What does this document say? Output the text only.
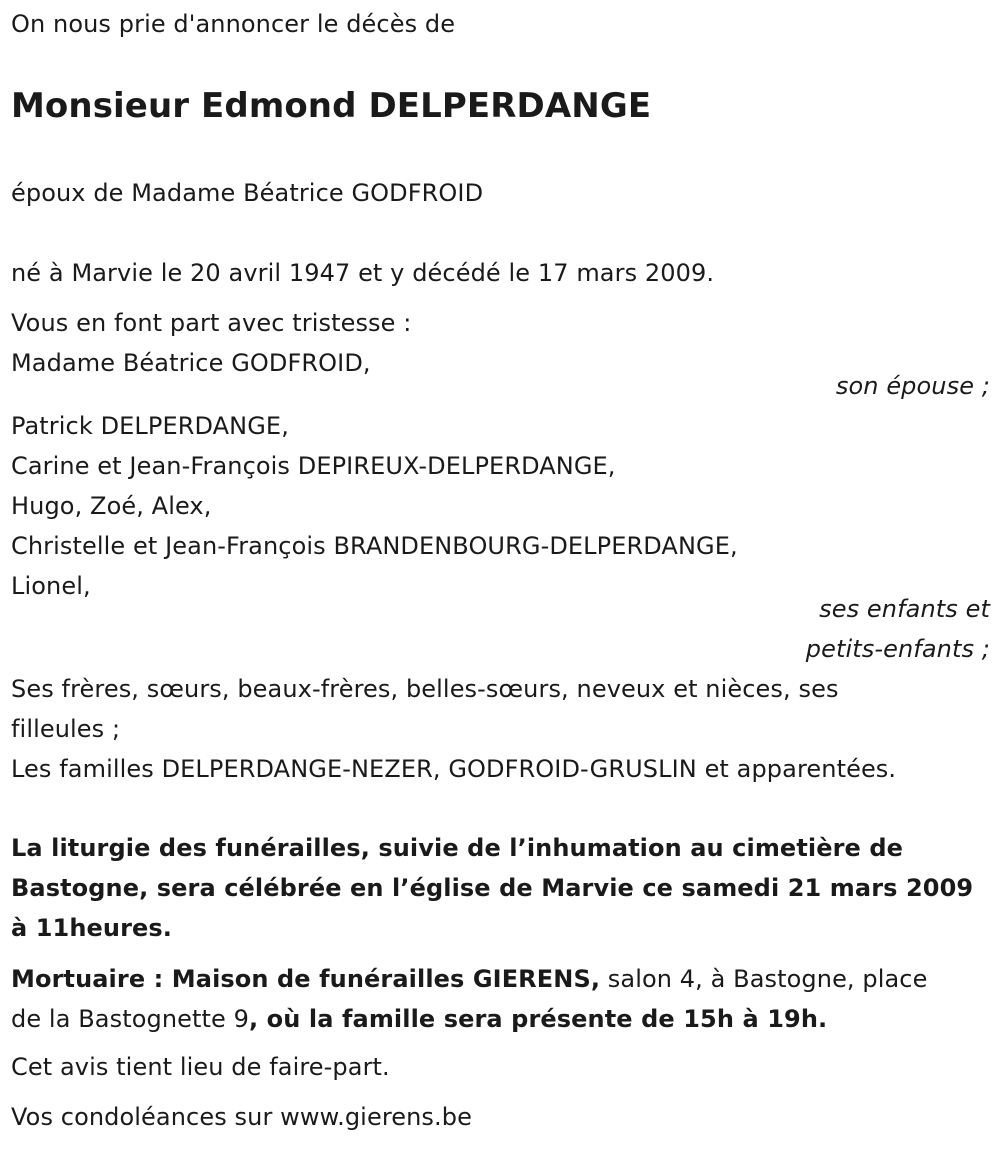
On nous prie d'annoncer le décès de
Monsieur Edmond DELPERDANGE
époux de Madame Béatrice GODFROID
né à Marvie le 20 avril 1947 et y décédé le 17 mars 2009.
Vous en font part avec tristesse :
Madame Béatrice GODFROID,
son épouse ;
Patrick DELPERDANGE,
Carine et Jean-François DEPIREUX-DELPERDANGE,
Hugo, Zoé, Alex,
Christelle et Jean-François BRANDENBOURG-DELPERDANGE,
Lionel,
ses enfants et
petits-enfants ;
Ses frères, sœurs, beaux-frères, belles-sœurs, neveux et nièces, ses
filleules ;
Les familles DELPERDANGE-NEZER, GODFROID-GRUSLIN et apparentées.
La liturgie des funérailles, suivie de l’inhumation au cimetière de
Bastogne, sera célébrée en l’église de Marvie ce samedi 21 mars 2009
à 11heures.
Mortuaire : Maison de funérailles GIERENS, salon 4, à Bastogne, place
de la Bastognette 9, où la famille sera présente de 15h à 19h.
Cet avis tient lieu de faire-part.
Vos condoléances sur www.gierens.be
